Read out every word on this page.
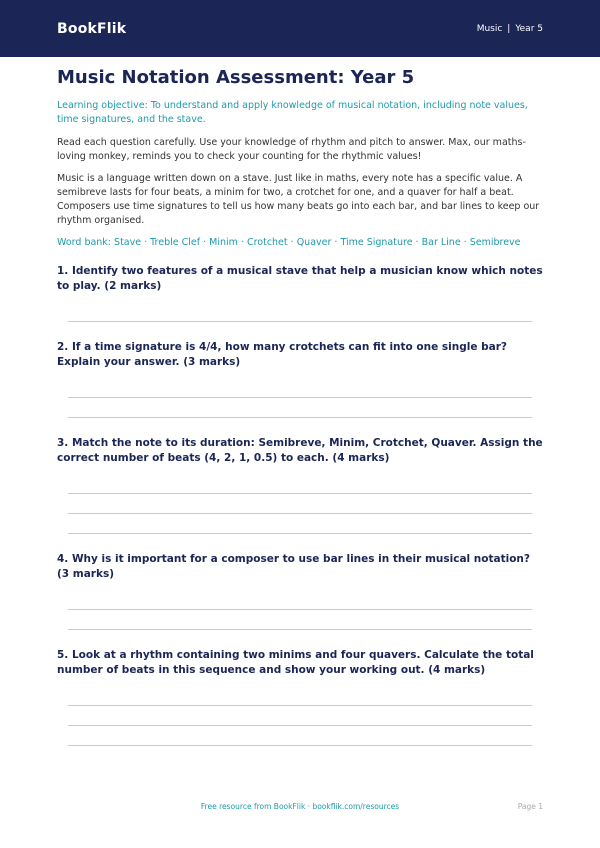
BookFlik	Music | Year 5
Music Notation Assessment: Year 5

Learning objective: To understand and apply knowledge of musical notation, including note values, time signatures, and the stave.

Read each question carefully. Use your knowledge of rhythm and pitch to answer. Max, our maths-loving monkey, reminds you to check your counting for the rhythmic values!

Music is a language written down on a stave. Just like in maths, every note has a specific value. A semibreve lasts for four beats, a minim for two, a crotchet for one, and a quaver for half a beat. Composers use time signatures to tell us how many beats go into each bar, and bar lines to keep our rhythm organised.

Word bank: Stave · Treble Clef · Minim · Crotchet · Quaver · Time Signature · Bar Line · Semibreve

1. Identify two features of a musical stave that help a musician know which notes to play. (2 marks)

2. If a time signature is 4/4, how many crotchets can fit into one single bar? Explain your answer. (3 marks)

3. Match the note to its duration: Semibreve, Minim, Crotchet, Quaver. Assign the correct number of beats (4, 2, 1, 0.5) to each. (4 marks)

4. Why is it important for a composer to use bar lines in their musical notation? (3 marks)

5. Look at a rhythm containing two minims and four quavers. Calculate the total number of beats in this sequence and show your working out. (4 marks)

Free resource from BookFlik · bookflik.com/resources	Page 1
